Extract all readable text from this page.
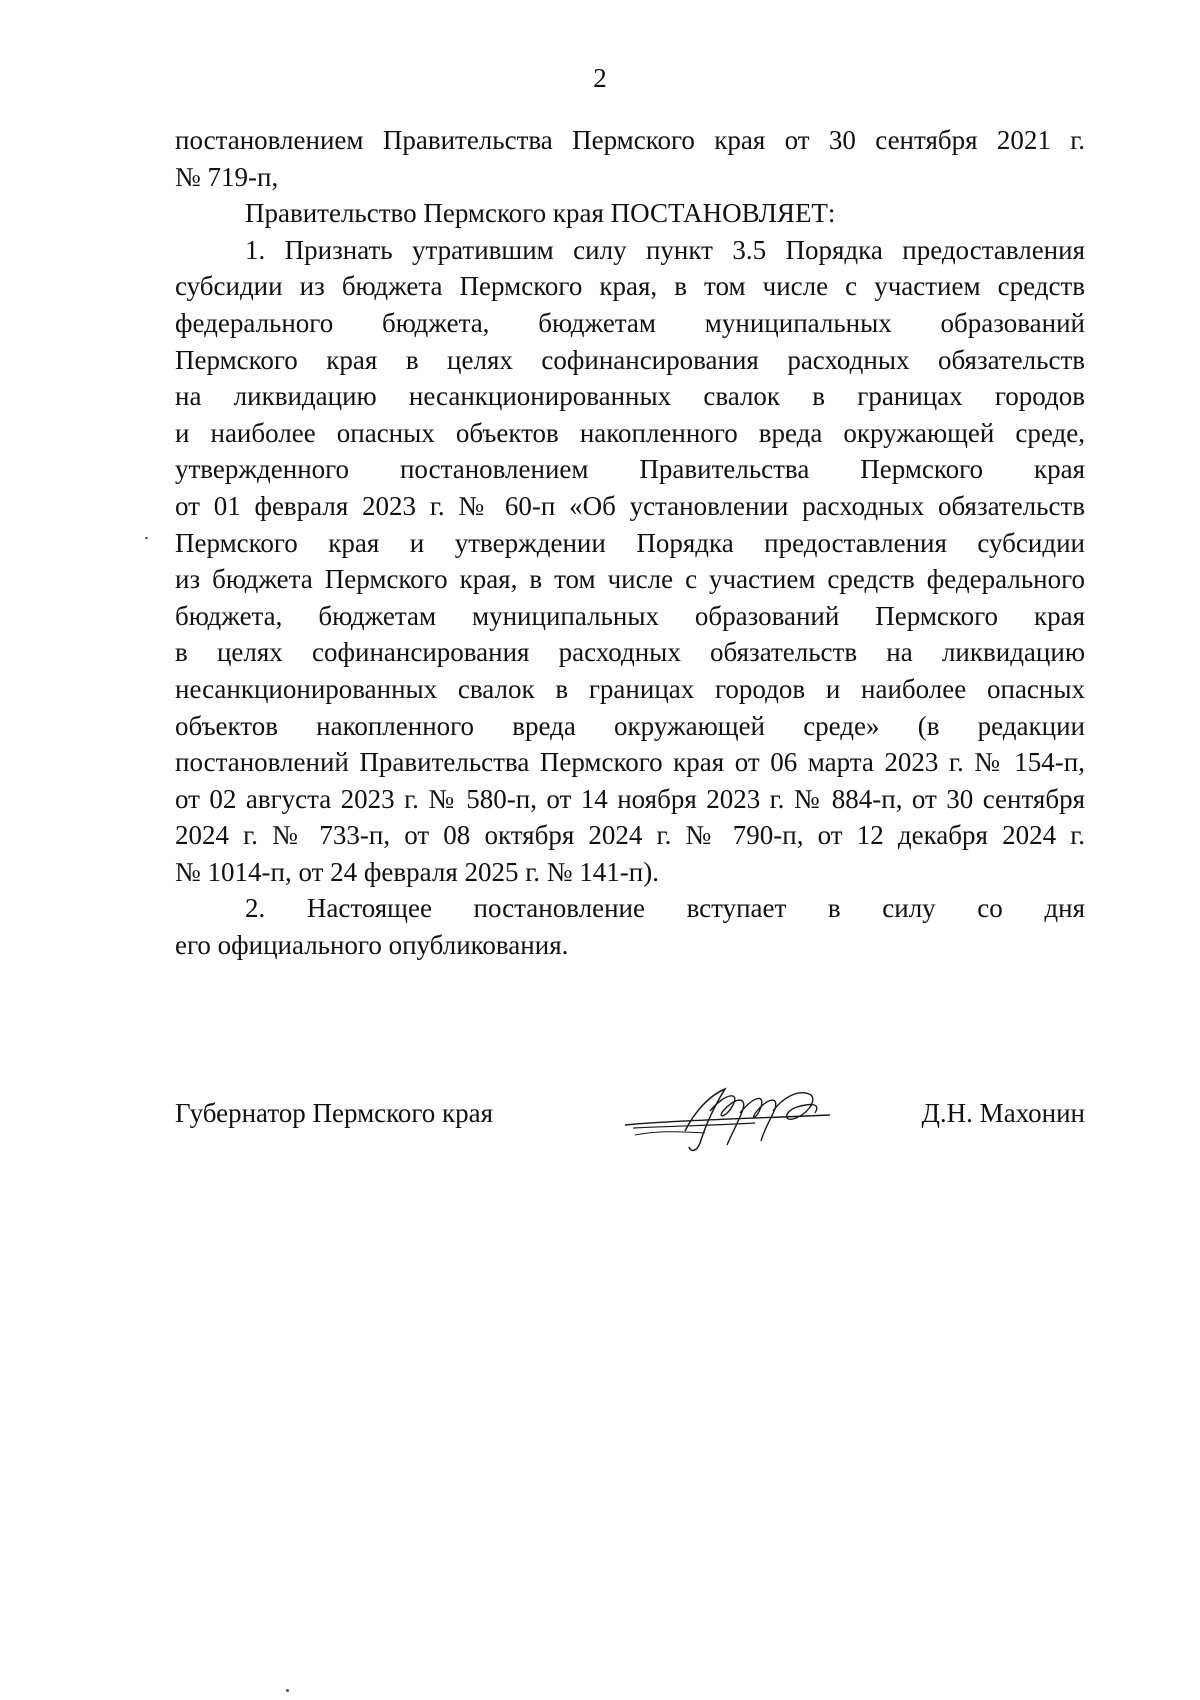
2

постановлением Правительства Пермского края от 30 сентября 2021 г.
№ 719-п,

Правительство Пермского края ПОСТАНОВЛЯЕТ:

1. Признать утратившим силу пункт 3.5 Порядка предоставления
субсидии из бюджета Пермского края, в том числе с участием средств
федерального бюджета, бюджетам муниципальных образований
Пермского края в целях софинансирования расходных обязательств
на ликвидацию несанкционированных свалок в границах городов
и наиболее опасных объектов накопленного вреда окружающей среде,
утвержденного постановлением Правительства Пермского края
от 01 февраля 2023 г. № 60-п «Об установлении расходных обязательств
Пермского края и утверждении Порядка предоставления субсидии
из бюджета Пермского края, в том числе с участием средств федерального
бюджета, бюджетам муниципальных образований Пермского края
в целях софинансирования расходных обязательств на ликвидацию
несанкционированных свалок в границах городов и наиболее опасных
объектов накопленного вреда окружающей среде» (в редакции
постановлений Правительства Пермского края от 06 марта 2023 г. № 154-п,
от 02 августа 2023 г. № 580-п, от 14 ноября 2023 г. № 884-п, от 30 сентября
2024 г. № 733-п, от 08 октября 2024 г. № 790-п, от 12 декабря 2024 г.
№ 1014-п, от 24 февраля 2025 г. № 141-п).

2. Настоящее постановление вступает в силу со дня
его официального опубликования.

Губернатор Пермского края	Д.Н. Махонин
